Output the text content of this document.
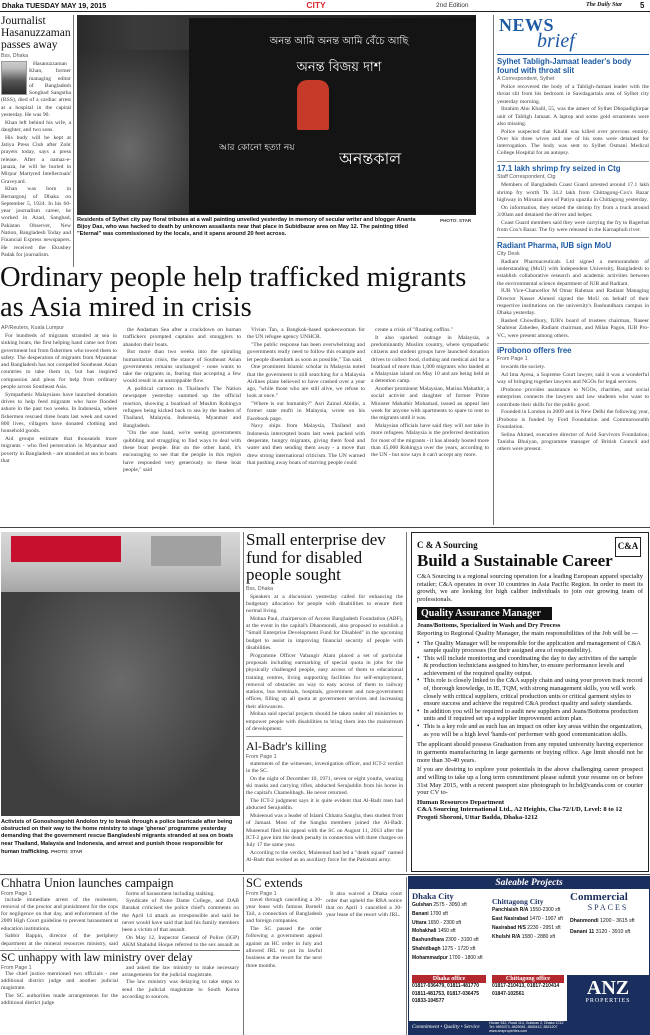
Dhaka TUESDAY MAY 19, 2015	CITY	2nd Edition	The Daily Star 5
Journalist Hasanuzzaman passes away
Bss, Dhaka

Hasanuzzaman Khan, former managing editor of Bangladesh Songbad Sangstha (BSS), died of a cardiac arrest at a hospital in the capital yesterday. He was 90.

Khan left behind his wife, a daughter, and two sons.

His body will be kept at Jatiya Press Club after Zohr prayers today, says a press release. After a namaz-e-janaza, he will be buried in Mirpur Martyred Intellectuals' Graveyard.

Khan was born in Bernargonj of Dhaka on September 5, 1924. In his 60-year journalism career, he worked in Azad, Sangbad, Pakistan Observer, New Nation, Bangladesh Today and Financial Express newspapers. He received the Ekushey Padak for journalism.

অনন্ত আমি অনন্ত আমি বেঁচে আছি
অনন্ত বিজয় দাশ
আর কোনো হত্যা নয়
অনন্তকাল
Residents of Sylhet city pay floral tributes at a wall painting unveiled yesterday in memory of secular writer and blogger Ananta Bijoy Das, who was hacked to death by unknown assailants near that place in Subidbazar area on May 12. The painting titled "Eternal" was commissioned by the locals, and it spans around 20 feet across.
PHOTO: STAR
NEWS
brief
Sylhet Tabligh-Jamaat leader's body found with throat slit
A Correspondent, Sylhet

Police recovered the body of a Tabligh-Jamaat leader with the throat slit from his bedroom in Sawdagartala area of Sylhet city yesterday morning.

Ibrahim Abu Khalil, 55, was the ameer of Sylhet Dhopadighirpar unit of Tabligh Jamaat. A laptop and some gold ornaments were also missing.

Police suspected that Khalil was killed over previous enmity. Over his three wives and one of his sons were detained for interrogation. The body was sent to Sylhet Osmani Medical College Hospital for an autopsy.

17.1 lakh shrimp fry seized in Ctg
Staff Correspondent, Ctg

Members of Bangladesh Coast Guard arrested around 17.1 lakh shrimp fry worth Tk 34.2 lakh from Chittagong-Cox's Bazar highway in Mirsarai area of Patiya upazila in Chittagong yesterday.

On information, they seized the shrimp fry from a truck around 3:00am and detained the driver and helper.

Coast Guard members said they were carrying the fry to Bagerhat from Cox's Bazar. The fry were released in the Karnaphuli river.

Radiant Pharma, IUB sign MoU
City Desk

Radiant Pharmaceuticals Ltd signed a memorandum of understanding (MoU) with Independent University, Bangladesh to establish collaborative research and academic activities between the environmental science department of IUB and Radiant.

IUB Vice-Chancellor M Omar Rahman and Radiant Managing Director Nasser Ahmed signed the MoU on behalf of their respective institutions on the university's Bashundhara campus in Dhaka yesterday.

Rashed Chowdhury, IUB's board of trustees chairman, Naseer Shahrear Zahedee, Radiant chairman, and Milan Pagon, IUB Pro-VC, were present among others.

iProbono offers free
From Page 1

towards the society.

Ad Ima Ayesa, a Supreme Court lawyer, said it was a wonderful way of bringing together lawyers and NGOs for legal services.

iProbono provides assistance to NGOs, charities, and social enterprises connects the lawyers and law students who want to contribute their skills for the public good.

Founded in London in 2009 and in New Delhi the following year, iProbono is funded by Ford Foundation and Commonwealth Foundation.

Selina Ahmed, executive director of Acid Survivors Foundation; Tanisha Bhuiyan, programme manager of British Council and others were present.

Ordinary people help trafficked migrants as Asia mired in crisis
AP/Reuters, Kuala Lumpur

For hundreds of migrants stranded at sea in sinking boats, the first helping hand came not from government but from fishermen who towed them to safety. The desperation of migrants from Myanmar and Bangladesh has not compelled Southeast Asian countries to take them in, but has inspired compassion and pleas for help from ordinary people across Southeast Asia.

Sympathetic Malaysians have launched donation drives to help feed migrants who have flooded ashore in the past two weeks. In Indonesia, where fishermen rescued three boats last week and saved 800 lives, villagers have donated clothing and household goods.

Aid groups estimate that thousands more migrants - who fled persecution in Myanmar and poverty in Bangladesh - are stranded at sea in boats that

the Andaman Sea after a crackdown on human traffickers prompted captains and smugglers to abandon their boats.

But more than two weeks into the spiraling humanitarian crisis, the stance of Southeast Asian governments remains unchanged - none wants to take the migrants in, fearing that accepting a few would result in an unstoppable flow.

A political cartoon in Thailand's The Nation newspaper yesterday summed up the official reaction, showing a boatload of Muslim Rohingya refugees being kicked back to sea by the leaders of Thailand, Malaysia, Indonesia, Myanmar and Bangladesh.

"On the one hand, we're seeing governments quibbling and struggling to find ways to deal with these boat people. But on the other hand, it's encouraging to see that the people in this region have responded very generously to these boat people," said

Vivian Tan, a Bangkok-based spokeswoman for the UN refugee agency UNHCR.

"The public response has been overwhelming and governments really need to follow this example and let people disembark as soon as possible," Tan said.

One prominent Islamic scholar in Malaysia noted that the government is still searching for a Malaysia Airlines plane believed to have crashed over a year ago, "while those who are still alive, we refuse to look at once."

"Where is our humanity?" Asri Zainul Abidin, a former state mufti in Malaysia, wrote on his Facebook page.

Navy ships from Malaysia, Thailand and Indonesia intercepted boats last week packed with desperate, hungry migrants, giving them food and water and then sending them away - a move that drew strong international criticism. The UN warned that pushing away boats of starving people could

create a crisis of "floating coffins."

It also sparked outrage in Malaysia, a predominantly Muslim country, where sympathetic citizens and student groups have launched donation drives to collect food, clothing and medical aid for a boatload of more than 1,000 migrants who landed at a Malaysian island on May 10 and are being held at a detention camp.

Another prominent Malaysian, Marina Mahathir, a social activist and daughter of former Prime Minister Mahathir Mohamad, issued an appeal last week for anyone with apartments to spare to rent to the migrants until it was.

Malaysian officials have said they will not take in more refugees. Malaysia is the preferred destination for most of the migrants - it has already hosted more than 45,000 Rohingya over the years, according to the UN - but now says it can't accept any more.

Activists of Gonoshongohti Andolon try to break through a police barricade after being obstructed on their way to the home ministry to stage 'gherao' programme yesterday demanding that the government rescue Bangladeshi migrants stranded at sea on boats near Thailand, Malaysia and Indonesia, and arrest and punish those responsible for human trafficking. PHOTO: STAR
Small enterprise dev fund for disabled people sought
Bss, Dhaka

Speakers at a discussion yesterday called for enhancing the budgetary allocation for people with disabilities to ensure their normal living.

Mohua Paul, chairperson of Access Bangladesh Foundation (ABF), at the event in the capital's Dhanmondi, also proposed to establish a "Small Enterprise Development Fund for Disabled" in the upcoming budget to assist in improving financial security of people with disabilities.

Programme Officer Vabangir Alam placed a set of particular proposals including earmarking of special quota in jobs for the physically challenged people, easy access of them to educational training centres, living supporting facilities for self-employment, removal of obstacles on way to easy access of them to railway stations, bus terminals, hospitals, government and non-government offices, filling up all quota at government services and increasing their allowances.

Mohua said special projects should be taken under all ministries to empower people with disabilities to bring them into the mainstream of development.

Al-Badr's killing
From Page 1

statements of the witnesses, investigation officer, and ICT-2 verdict in the SC.

On the night of December 10, 1971, seven or eight youths, wearing ski masks and carrying rifles, abducted Serajuddin from his home in the capital's Chamelibagh. He never returned.

The ICT-2 judgment says it is quite evident that Al-Badr men had abducted Serajuddin.

Muieenud was a leader of Islami Chhatra Sangha, then student front of Jamaat. Most of the Sangha members joined the Al-Badr. Muieenud filed his appeal with the SC on August 11, 2013 after the ICT-2 gave him the death penalty in connection with three charges on July 17 the same year.

According to the verdict, Muieenud had led a "death squad" named Al-Badr that worked as an auxiliary force for the Pakistani army.

C & A Sourcing	C&A
Build a Sustainable Career
C&A Sourcing is a regional sourcing operation for a leading European apparel specialty retailer; C&A operates in over 10 countries in Asia Pacific Region. In order to meet its growth, we are looking for high caliber individuals to join our growing team of professionals.
Quality Assurance Manager
Jeans/Bottoms, Specialized in Wash and Dry Process
Reporting to Regional Quality Manager, the main responsibilities of the Job will be ---
• The Quality Manager will be responsible for the application and management of C&A sample quality processes (for their assigned area of responsibility).
• This will include monitoring and coordinating the day to day activities of the sample & production technicians assigned to him/her, to ensure performance levels and achievement of the required quality output.
• This role is closely linked to the C&A supply chain and using your proven track record of, thorough knowledge, in IE, TQM, with strong management skills, you will work closely with critical suppliers, critical production units or critical garment styles to ensure success and achieve the required C&A product quality and safety standards.
• In addition you will be required to audit new suppliers and Jeans/Bottoms production units and if required set up a supplier improvement action plan.
• This is a key role and as such has an impact on other key areas within the organization, as you will be a high level 'hands-on' performer with good communication skills.
The applicant should possess Graduation from any reputed university having experience in garments manufacturing in large garments or buying office. Age limit should not be more than 30-40 years.
If you are desiring to explore your potentials in the above challenging career prospect and willing to take up a long term commitment please submit your resume on or before 31st May 2015, with a recent passport size photograph to hr.bd@canda.com or courier your CV to-
Human Resources Department
C&A Sourcing International Ltd., A2 Heights, Cha-72/1/D, Level: 8 to 12 Progoti Shoroni, Uttar Badda, Dhaka-1212
Chhatra Union launches campaign
From Page 1

include immediate arrest of the molesters, removal of the proctor and punishment for the cops for negligence on that day, and enforcement of the 2009 High Court guideline to prevent harassment at education institutions.

Sabbir Bappin, director of the periphery department at the mineral resources ministry, said

forms of harassment including stalking.

Syndicate of Notre Dame College, and DAB Barakat criticised the police chief's comments on the April 14 attack as irresponsible and said he never would have said that had his family members been a victim of that assault.

On May 12, Inspector General of Police (IGP) AKM Shahidul Hoque referred to the sex assault as

SC unhappy with law ministry over delay
From Page 1

The chief justice mentioned two officials - one additional district judge and another judicial magistrate.

The SC authorities made arrangements for the additional district judge

and asked the law ministry to make necessary arrangements for the judicial magistrate.

The law ministry was delaying to take steps to send the judicial magistrate to South Korea according to sources.

SC extends
From Page 1

travel through cancelling a 30-year lease with famous Barnell Tail, a connection of Bangladesh and foreign companies.

The SC passed the order following a government appeal against an HC order in July and allowed JRL to put its lawful business at the resort for the next three months.

It also waived a Dhaka court order that upheld the RBA notice that on April 1 cancelled a 30-year lease of the resort with JRL.

Saleable Projects
Dhaka City
Gulshan 2575 - 3050 sft
Banani 1700 sft
Uttara 1650 - 2300 sft
Mohakhali 1450 sft
Bashundhara 2300 - 3100 sft
Shahidbagh 1275 - 1720 sft
Mohammadpur 1700 - 1800 sft
Chittagong City
Panchlaish R/A 1550-2300 sft
East Nasirabad 1470 - 1907 sft
Nasirabad H/S 2230 - 2951 sft
Khulshi R/A 1580 - 2880 sft
Commercial
SPACES
Dhanmondi 1200 - 3615 sft
Danani 11 3120 - 3910 sft
Dhaka office
01817-036479, 01811-481770
01811-481753, 01817-036475
01833-104577
Chittagong office
01817-210413, 01817-210414
01847-102561	ANZ
PROPERTIES
Commitment • Quality • Service
House 342, Road 114, Gulshan 2, Dhaka 1212
Tel: 9893373, 8825081, 8825412, 8821207
www.anzproperties.com
